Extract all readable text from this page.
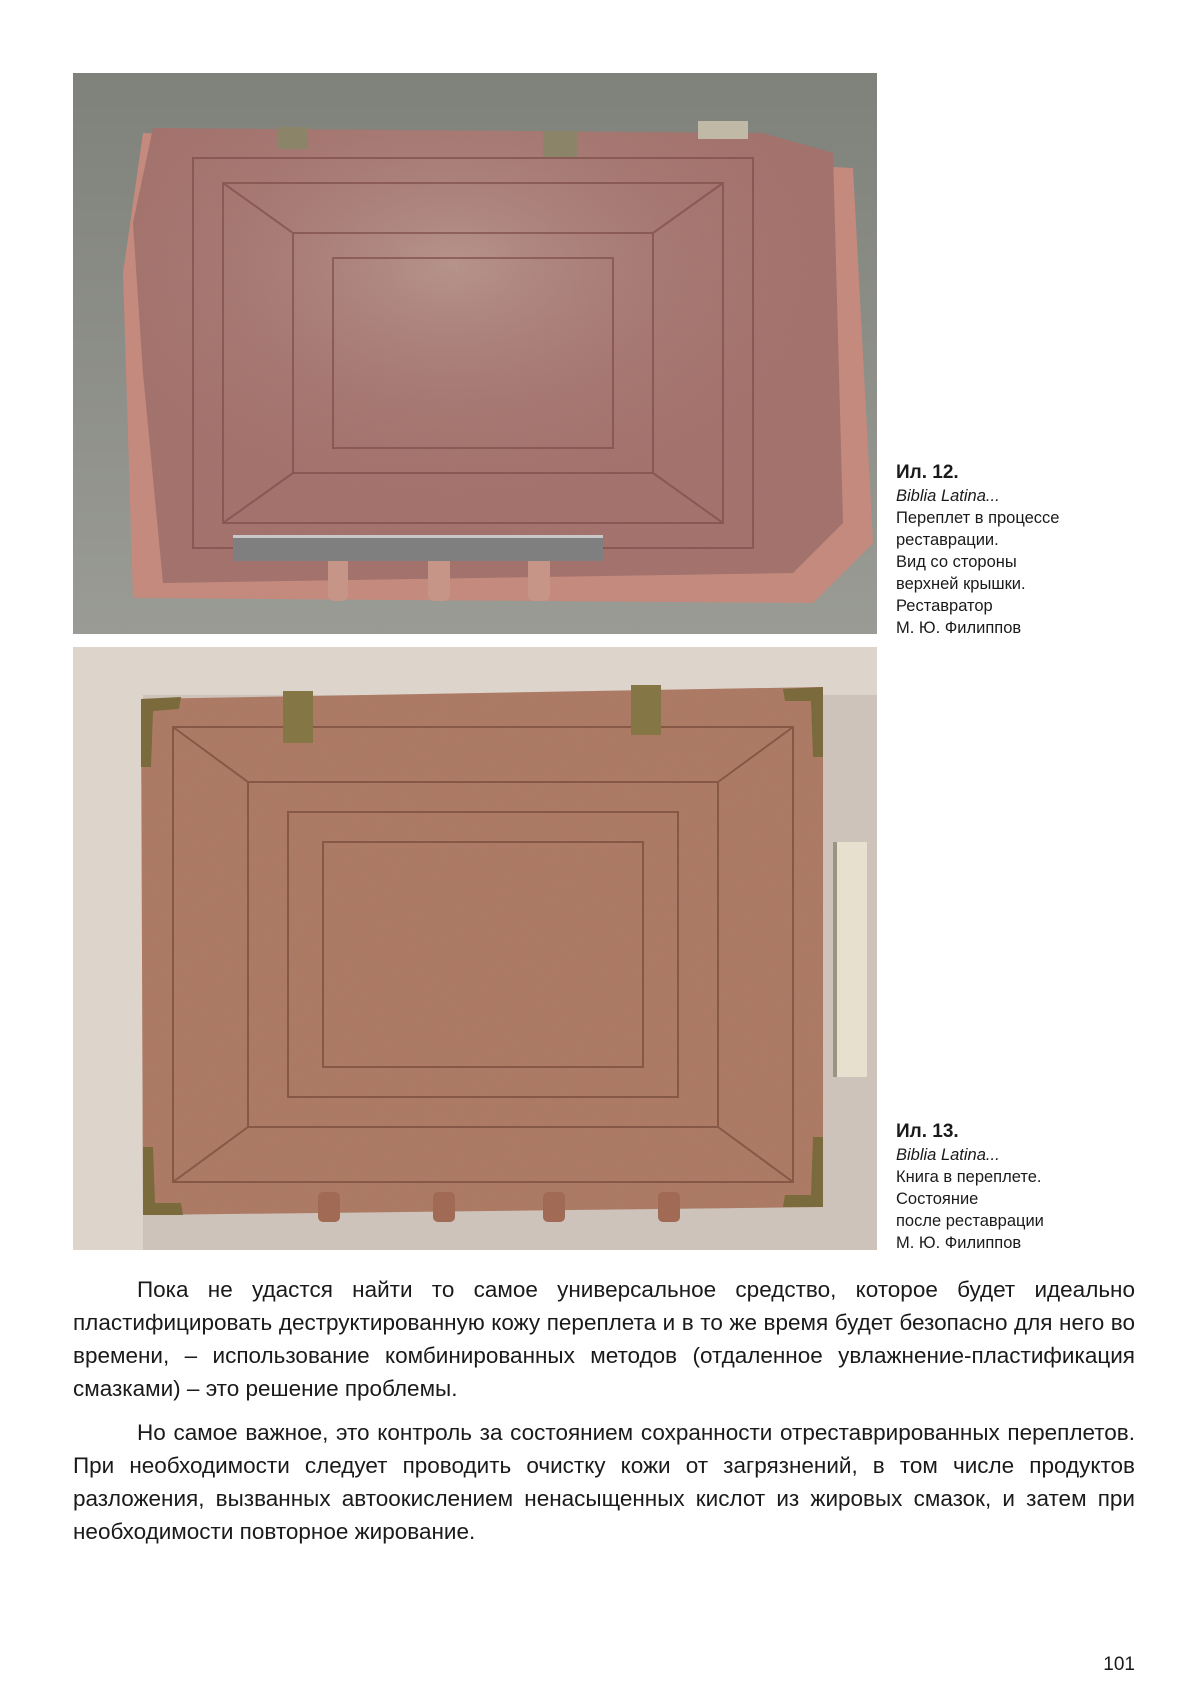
Ил. 12.
Biblia Latina...
Переплет в процессе
реставрации.
Вид со стороны
верхней крышки.
Реставратор
М. Ю. Филиппов
Ил. 13.
Biblia Latina...
Книга в переплете.
Состояние
после реставрации
М. Ю. Филиппов

Пока не удастся найти то самое универсальное средство, которое будет идеально пластифицировать деструктированную кожу переплета и в то же время будет безопасно для него во времени, – использование комбинированных методов (отдаленное увлажнение-пластификация смазками) – это решение проблемы.

Но самое важное, это контроль за состоянием сохранности отреставрированных переплетов. При необходимости следует проводить очистку кожи от загрязнений, в том числе продуктов разложения, вызванных автоокислением ненасыщенных кислот из жировых смазок, и затем при необходимости повторное жирование.

101
